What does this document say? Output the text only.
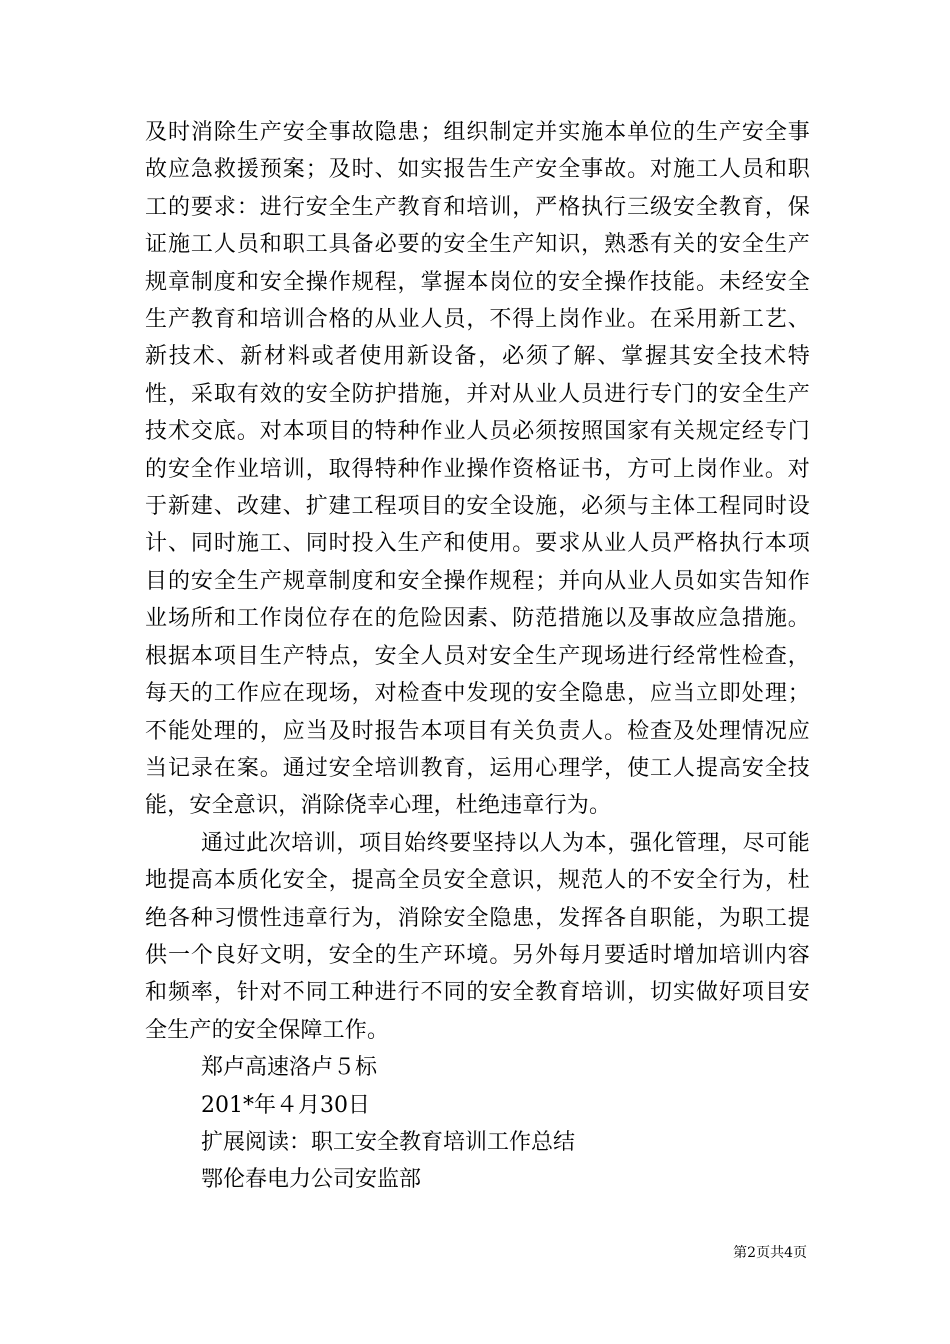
及时消除生产安全事故隐患；组织制定并实施本单位的生产安全事故应急救援预案；及时、如实报告生产安全事故。对施工人员和职工的要求：进行安全生产教育和培训，严格执行三级安全教育，保证施工人员和职工具备必要的安全生产知识，熟悉有关的安全生产规章制度和安全操作规程，掌握本岗位的安全操作技能。未经安全生产教育和培训合格的从业人员，不得上岗作业。在采用新工艺、新技术、新材料或者使用新设备，必须了解、掌握其安全技术特性，采取有效的安全防护措施，并对从业人员进行专门的安全生产技术交底。对本项目的特种作业人员必须按照国家有关规定经专门的安全作业培训，取得特种作业操作资格证书，方可上岗作业。对于新建、改建、扩建工程项目的安全设施，必须与主体工程同时设计、同时施工、同时投入生产和使用。要求从业人员严格执行本项目的安全生产规章制度和安全操作规程；并向从业人员如实告知作业场所和工作岗位存在的危险因素、防范措施以及事故应急措施。根据本项目生产特点，安全人员对安全生产现场进行经常性检查，每天的工作应在现场，对检查中发现的安全隐患，应当立即处理；不能处理的，应当及时报告本项目有关负责人。检查及处理情况应当记录在案。通过安全培训教育，运用心理学，使工人提高安全技能，安全意识，消除侥幸心理，杜绝违章行为。

通过此次培训，项目始终要坚持以人为本，强化管理，尽可能地提高本质化安全，提高全员安全意识，规范人的不安全行为，杜绝各种习惯性违章行为，消除安全隐患，发挥各自职能，为职工提供一个良好文明，安全的生产环境。另外每月要适时增加培训内容和频率，针对不同工种进行不同的安全教育培训，切实做好项目安全生产的安全保障工作。

郑卢高速洛卢５标

201*年４月30日

扩展阅读：职工安全教育培训工作总结

鄂伦春电力公司安监部

第2页共4页
